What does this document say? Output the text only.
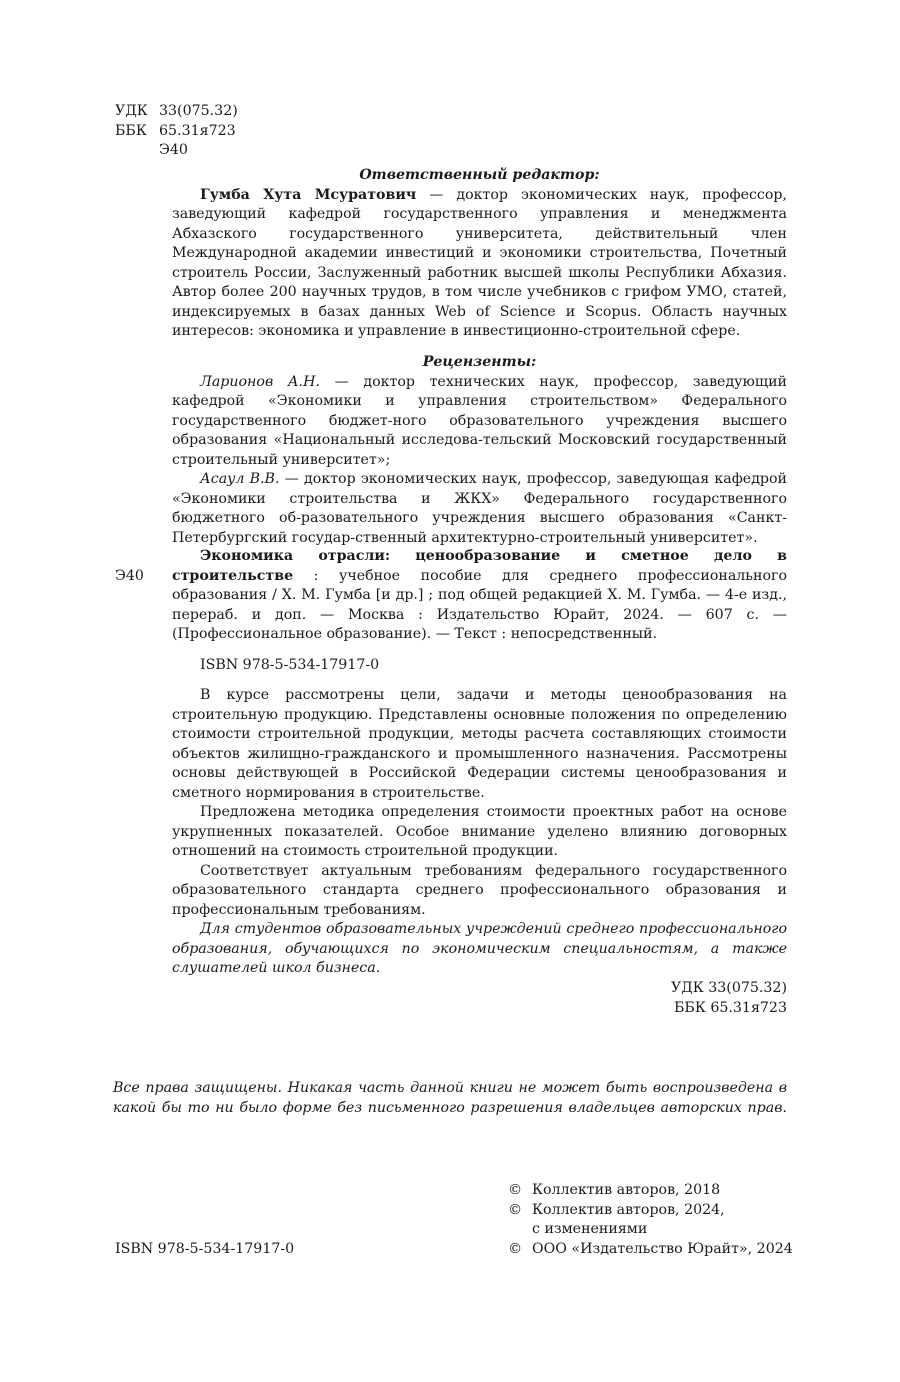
УДК 33(075.32)
ББК 65.31я723
Э40
Ответственный редактор:
Гумба Хута Мсуратович — доктор экономических наук, профессор, заведующий кафедрой государственного управления и менеджмента Абхазского государственного университета, действительный член Международной академии инвестиций и экономики строительства, Почетный строитель России, Заслуженный работник высшей школы Республики Абхазия. Автор более 200 научных трудов, в том числе учебников с грифом УМО, статей, индексируемых в базах данных Web of Science и Scopus. Область научных интересов: экономика и управление в инвестиционно-строительной сфере.
Рецензенты:
Ларионов А.Н. — доктор технических наук, профессор, заведующий кафедрой «Экономики и управления строительством» Федерального государственного бюджет-ного образовательного учреждения высшего образования «Национальный исследова-тельский Московский государственный строительный университет»;
Асаул В.В. — доктор экономических наук, профессор, заведующая кафедрой «Экономики строительства и ЖКХ» Федерального государственного бюджетного об-разовательного учреждения высшего образования «Санкт-Петербургский государ-ственный архитектурно-строительный университет».
Экономика отрасли: ценообразование и сметное дело в строительстве : учебное пособие для среднего профессионального образования / Х. М. Гумба [и др.] ; под общей редакцией Х. М. Гумба. — 4-е изд., перераб. и доп. — Москва : Издательство Юрайт, 2024. — 607 с. — (Профессиональное образование). — Текст : непосредственный.
Э40
ISBN 978-5-534-17917-0
В курсе рассмотрены цели, задачи и методы ценообразования на строительную продукцию. Представлены основные положения по определению стоимости строительной продукции, методы расчета составляющих стоимости объектов жилищно-гражданского и промышленного назначения. Рассмотрены основы действующей в Российской Федерации системы ценообразования и сметного нормирования в строительстве.
Предложена методика определения стоимости проектных работ на основе укрупненных показателей. Особое внимание уделено влиянию договорных отношений на стоимость строительной продукции.
Соответствует актуальным требованиям федерального государственного образовательного стандарта среднего профессионального образования и профессиональным требованиям.
Для студентов образовательных учреждений среднего профессионального образования, обучающихся по экономическим специальностям, а также слушателей школ бизнеса.
УДК 33(075.32)
ББК 65.31я723
Все права защищены. Никакая часть данной книги не может быть воспроизведена в какой бы то ни было форме без письменного разрешения владельцев авторских прав.
© Коллектив авторов, 2018
© Коллектив авторов, 2024,
с изменениями
© ООО «Издательство Юрайт», 2024
ISBN 978-5-534-17917-0
